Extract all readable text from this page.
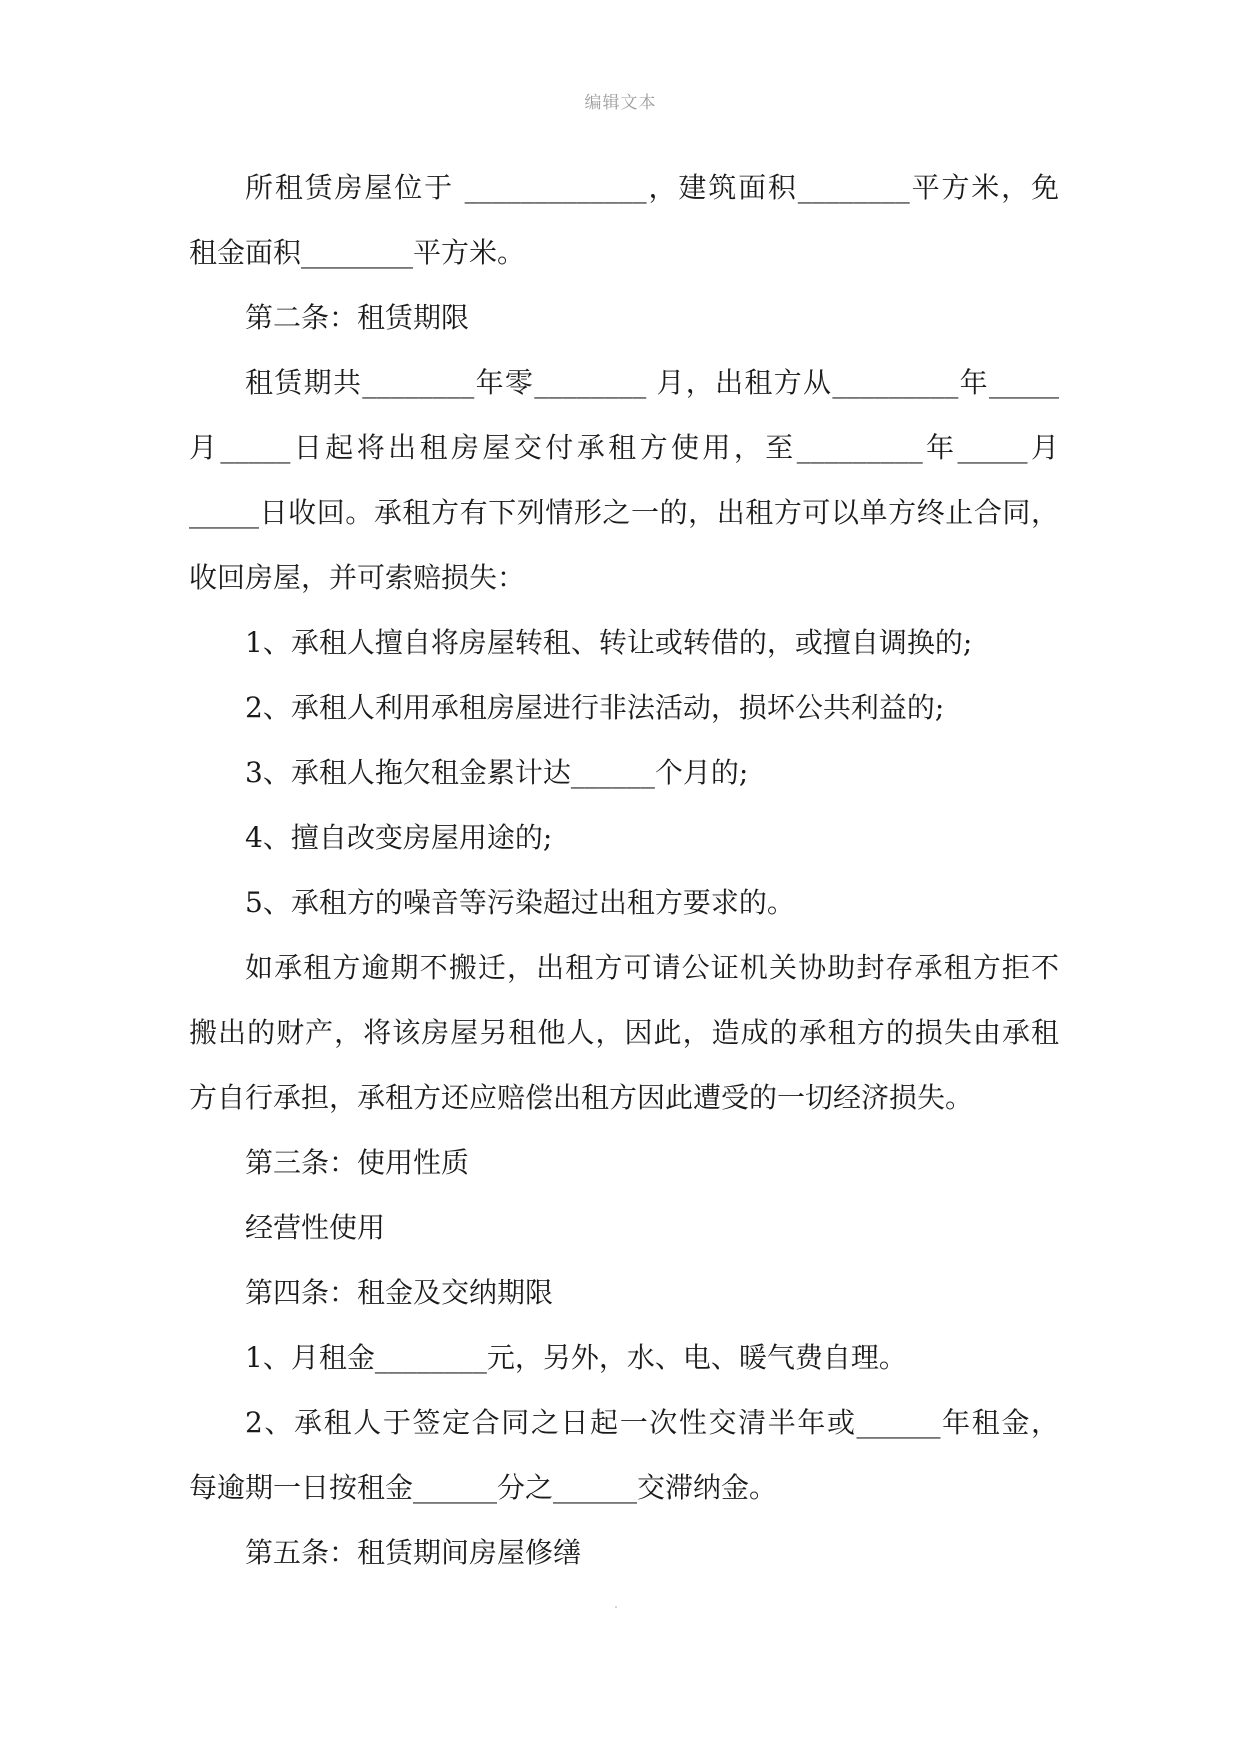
编辑文本
所租赁房屋位于 _____________，建筑面积________平方米，免
租金面积________平方米。
第二条：租赁期限
租赁期共________年零________ 月，出租方从_________年_____
月_____日起将出租房屋交付承租方使用，至_________年_____月
_____日收回。承租方有下列情形之一的，出租方可以单方终止合同，
收回房屋，并可索赔损失：
1、承租人擅自将房屋转租、转让或转借的，或擅自调换的;
2、承租人利用承租房屋进行非法活动，损坏公共利益的;
3、承租人拖欠租金累计达______个月的;
4、擅自改变房屋用途的;
5、承租方的噪音等污染超过出租方要求的。
如承租方逾期不搬迁，出租方可请公证机关协助封存承租方拒不
搬出的财产，将该房屋另租他人，因此，造成的承租方的损失由承租
方自行承担，承租方还应赔偿出租方因此遭受的一切经济损失。
第三条：使用性质
经营性使用
第四条：租金及交纳期限
1、月租金________元，另外，水、电、暖气费自理。
2、承租人于签定合同之日起一次性交清半年或______年租金，
每逾期一日按租金______分之______交滞纳金。
第五条：租赁期间房屋修缮
